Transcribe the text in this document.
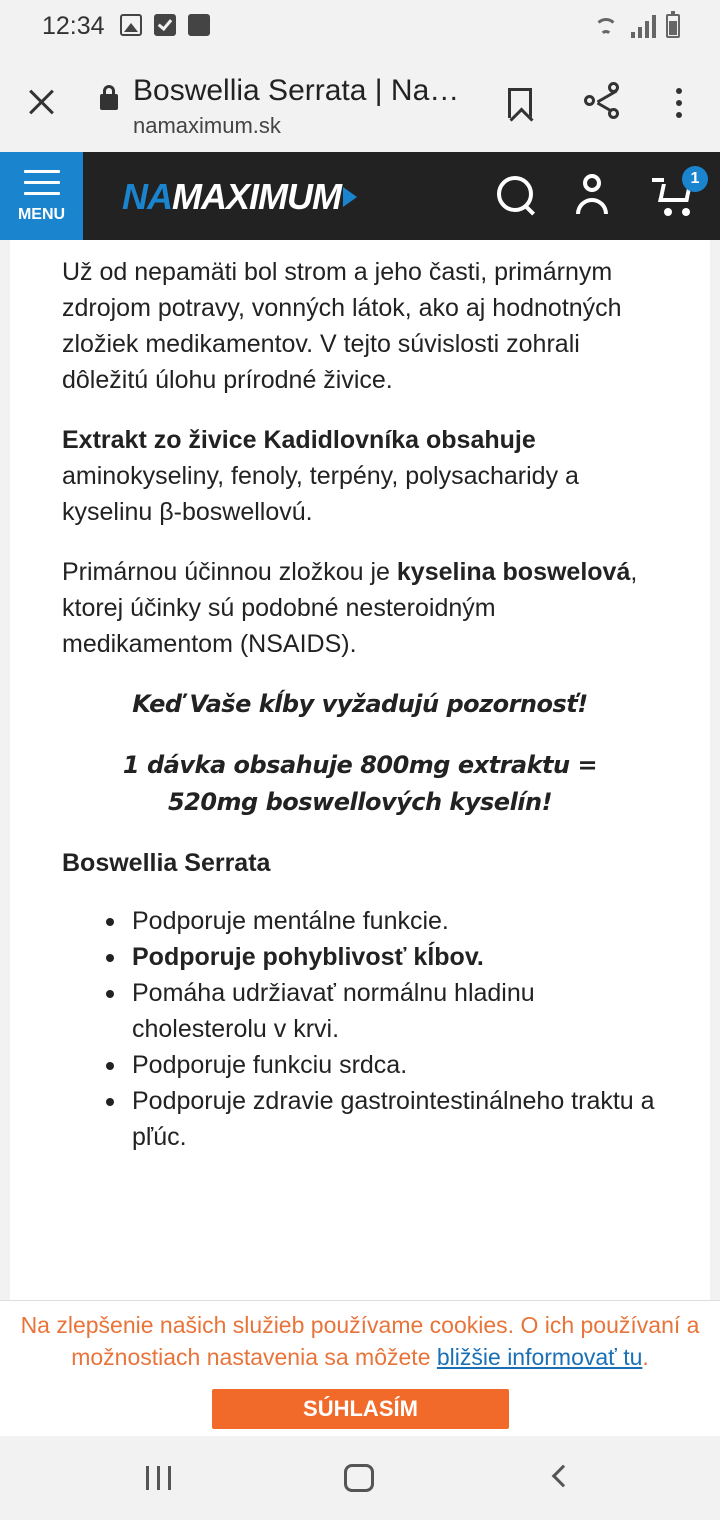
12:34
Boswellia Serrata | Na…
namaximum.sk
MENU	NA MAXIMUM	1

Už od nepamäti bol strom a jeho časti, primárnym zdrojom potravy, vonných látok, ako aj hodnotných zložiek medikamentov. V tejto súvislosti zohrali dôležitú úlohu prírodné živice.

Extrakt zo živice Kadidlovníka obsahuje aminokyseliny, fenoly, terpény, polysacharidy a kyselinu β-boswellovú.

Primárnou účinnou zložkou je kyselina boswelová, ktorej účinky sú podobné nesteroidným medikamentom (NSAIDS).

Keď Vaše kĺby vyžadujú pozornosť!

1 dávka obsahuje 800mg extraktu =
520mg boswellových kyselín!

Boswellia Serrata
Podporuje mentálne funkcie.
Podporuje pohyblivosť kĺbov.
Pomáha udržiavať normálnu hladinu cholesterolu v krvi.
Podporuje funkciu srdca.
Podporuje zdravie gastrointestinálneho traktu a pľúc.
Na zlepšenie našich služieb používame cookies. O ich používaní a možnostiach nastavenia sa môžete bližšie informovať tu.
SÚHLASÍM
